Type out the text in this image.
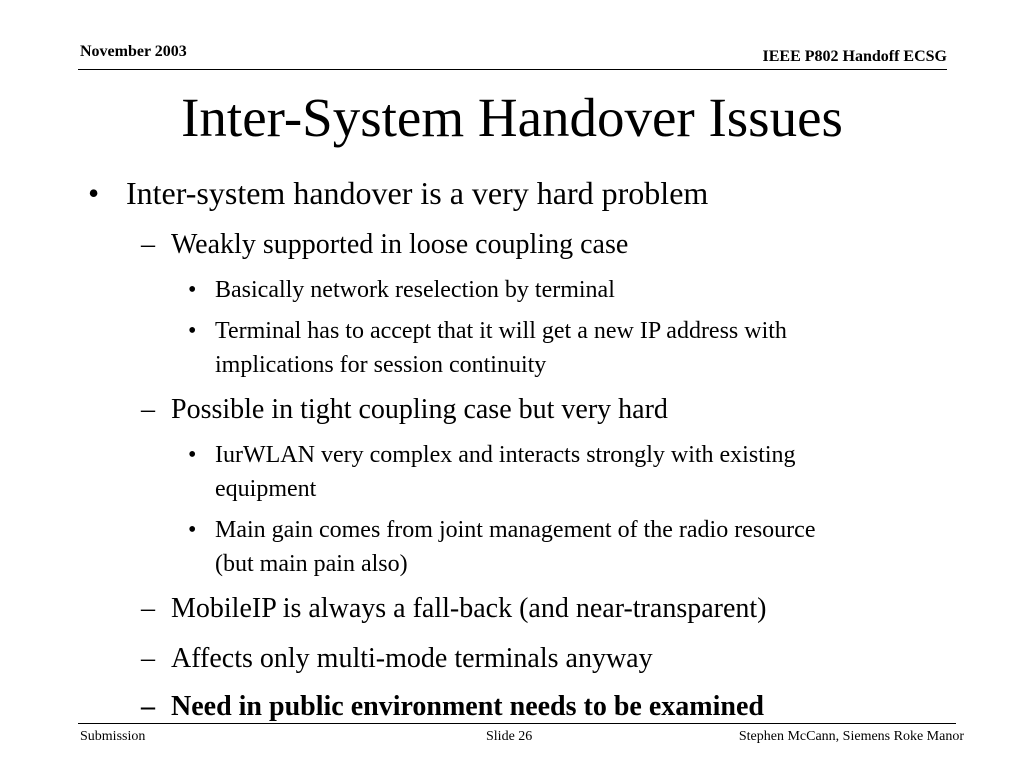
November 2003	IEEE P802 Handoff ECSG
Inter-System Handover Issues
• Inter-system handover is a very hard problem
– Weakly supported in loose coupling case
• Basically network reselection by terminal
• Terminal has to accept that it will get a new IP address with
implications for session continuity
– Possible in tight coupling case but very hard
• IurWLAN very complex and interacts strongly with existing
equipment
• Main gain comes from joint management of the radio resource
(but main pain also)
– MobileIP is always a fall-back (and near-transparent)
– Affects only multi-mode terminals anyway
– Need in public environment needs to be examined
Submission	Slide 26	Stephen McCann, Siemens Roke Manor
